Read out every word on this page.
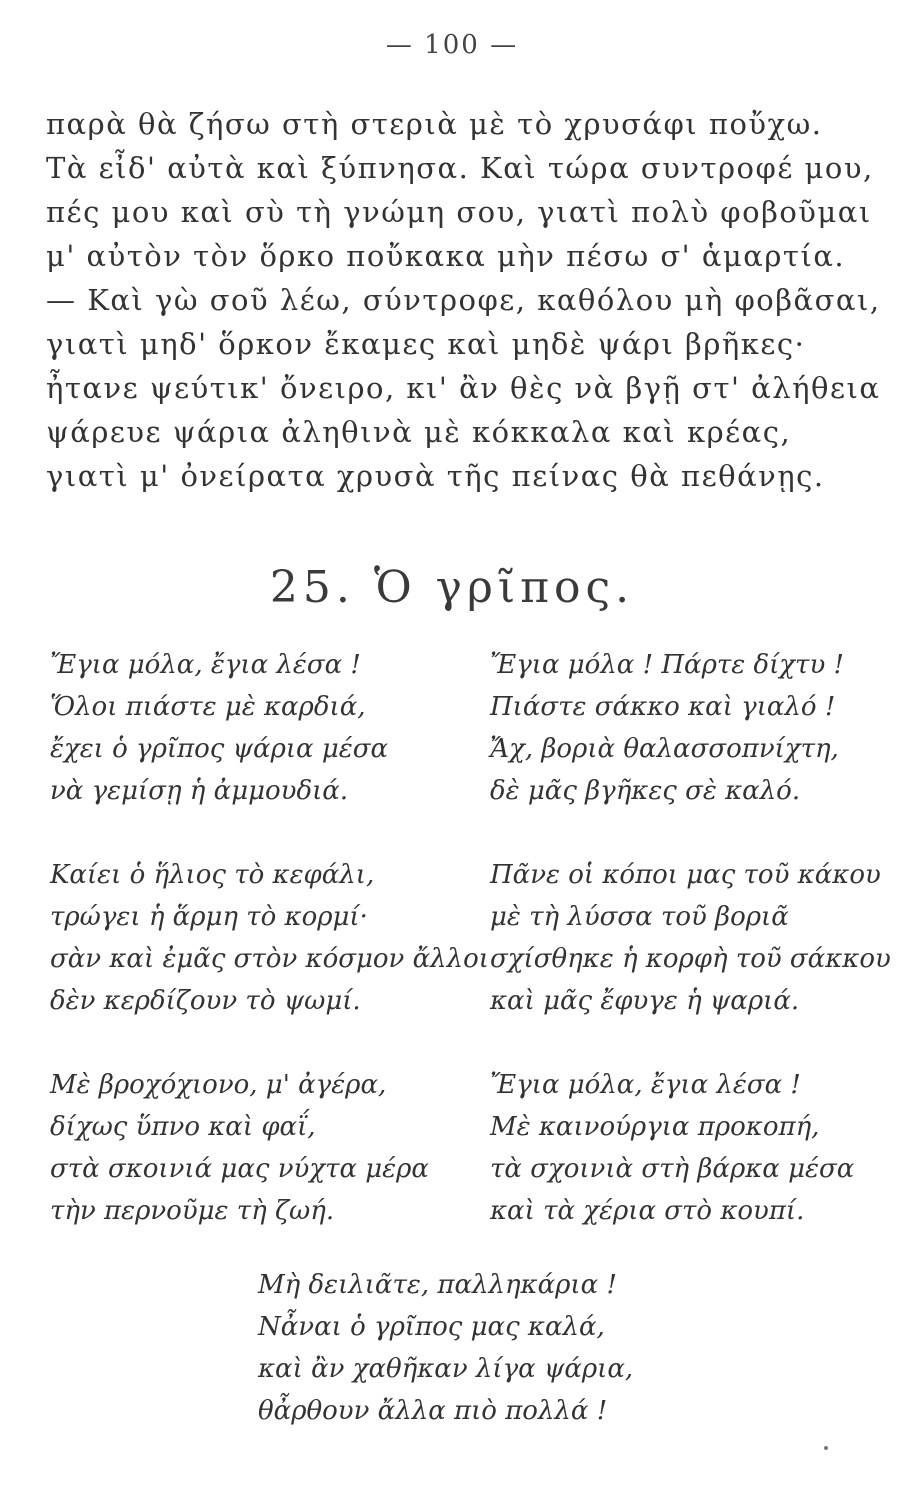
— 100 —
παρὰ θὰ ζήσω στὴ στεριὰ μὲ τὸ χρυσάφι ποὔχω.
Τὰ εἶδ' αὐτὰ καὶ ξύπνησα. Καὶ τώρα συντροφέ μου,
πές μου καὶ σὺ τὴ γνώμη σου, γιατὶ πολὺ φοβοῦμαι
μ' αὐτὸν τὸν ὅρκο ποὔκακα μὴν πέσω σ' ἁμαρτία.
— Καὶ γὼ σοῦ λέω, σύντροφε, καθόλου μὴ φοβᾶσαι,
γιατὶ μηδ' ὅρκον ἔκαμες καὶ μηδὲ ψάρι βρῆκες·
ἦτανε ψεύτικ' ὄνειρο, κι' ἂν θὲς νὰ βγῇ στ' ἀλήθεια
ψάρευε ψάρια ἀληθινὰ μὲ κόκκαλα καὶ κρέας,
γιατὶ μ' ὀνείρατα χρυσὰ τῆς πείνας θὰ πεθάνῃς.
25. Ὁ γρῖπος.
Ἔγια μόλα, ἔγια λέσα !
Ὅλοι πιάστε μὲ καρδιά,
ἔχει ὁ γρῖπος ψάρια μέσα
νὰ γεμίσῃ ἡ ἀμμουδιά.
Ἔγια μόλα ! Πάρτε δίχτυ !
Πιάστε σάκκο καὶ γιαλό !
Ἄχ, βοριὰ θαλασσοπνίχτη,
δὲ μᾶς βγῆκες σὲ καλό.
Καίει ὁ ἥλιος τὸ κεφάλι,
τρώγει ἡ ἅρμη τὸ κορμί·
σὰν καὶ ἐμᾶς στὸν κόσμον ἄλλοι
δὲν κερδίζουν τὸ ψωμί.
Πᾶνε οἱ κόποι μας τοῦ κάκου
μὲ τὴ λύσσα τοῦ βοριᾶ
σχίσθηκε ἡ κορφὴ τοῦ σάκκου
καὶ μᾶς ἔφυγε ἡ ψαριά.
Μὲ βροχόχιονο, μ' ἀγέρα,
δίχως ὕπνο καὶ φαΐ,
στὰ σκοινιά μας νύχτα μέρα
τὴν περνοῦμε τὴ ζωή.
Ἔγια μόλα, ἔγια λέσα !
Μὲ καινούργια προκοπή,
τὰ σχοινιὰ στὴ βάρκα μέσα
καὶ τὰ χέρια στὸ κουπί.
Μὴ δειλιᾶτε, παλληκάρια !
Νἆναι ὁ γρῖπος μας καλά,
καὶ ἂν χαθῆκαν λίγα ψάρια,
θἆρθουν ἄλλα πιὸ πολλά !
